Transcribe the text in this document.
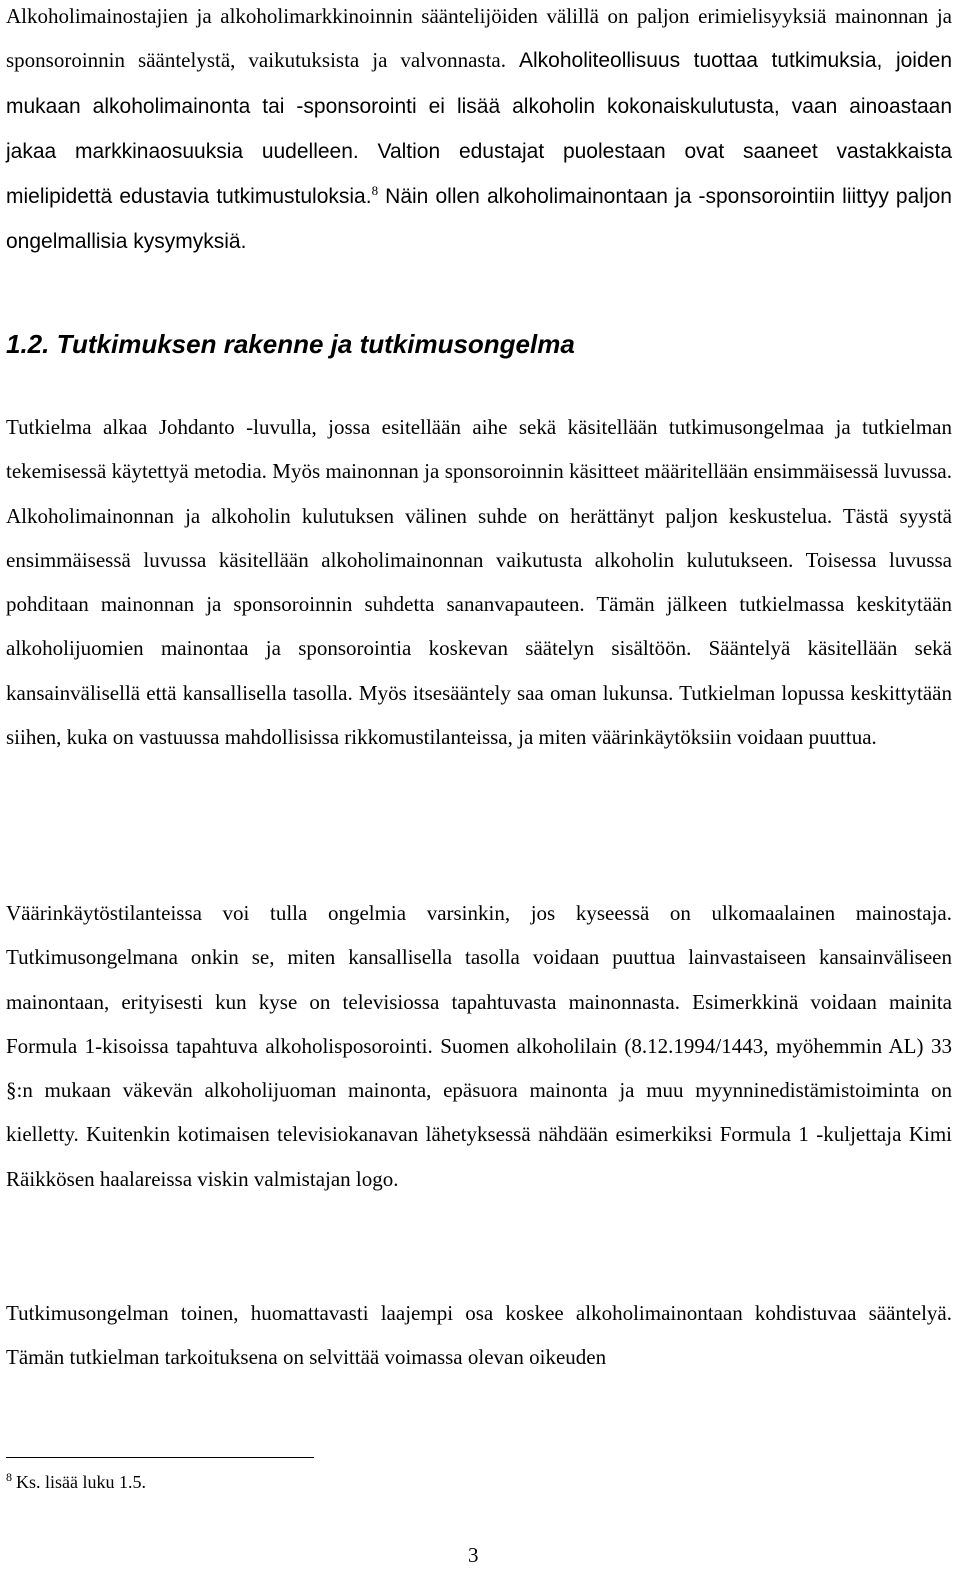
Alkoholimainostajien ja alkoholimarkkinoinnin sääntelijöiden välillä on paljon erimielisyyksiä mainonnan ja sponsoroinnin sääntelystä, vaikutuksista ja valvonnasta. Alkoholiteollisuus tuottaa tutkimuksia, joiden mukaan alkoholimainonta tai -sponsorointi ei lisää alkoholin kokonaiskulutusta, vaan ainoastaan jakaa markkinaosuuksia uudelleen. Valtion edustajat puolestaan ovat saaneet vastakkaista mielipidettä edustavia tutkimustuloksia.$^8$ Näin ollen alkoholimainontaan ja -sponsorointiin liittyy paljon ongelmallisia kysymyksiä.

1.2. Tutkimuksen rakenne ja tutkimusongelma

Tutkielma alkaa Johdanto -luvulla, jossa esitellään aihe sekä käsitellään tutkimusongelmaa ja tutkielman tekemisessä käytettyä metodia. Myös mainonnan ja sponsoroinnin käsitteet määritellään ensimmäisessä luvussa. Alkoholimainonnan ja alkoholin kulutuksen välinen suhde on herättänyt paljon keskustelua. Tästä syystä ensimmäisessä luvussa käsitellään alkoholimainonnan vaikutusta alkoholin kulutukseen. Toisessa luvussa pohditaan mainonnan ja sponsoroinnin suhdetta sananvapauteen. Tämän jälkeen tutkielmassa keskitytään alkoholijuomien mainontaa ja sponsorointia koskevan säätelyn sisältöön. Sääntelyä käsitellään sekä kansainvälisellä että kansallisella tasolla. Myös itsesääntely saa oman lukunsa. Tutkielman lopussa keskittytään siihen, kuka on vastuussa mahdollisissa rikkomustilanteissa, ja miten väärinkäytöksiin voidaan puuttua.

Väärinkäytöstilanteissa voi tulla ongelmia varsinkin, jos kyseessä on ulkomaalainen mainostaja. Tutkimusongelmana onkin se, miten kansallisella tasolla voidaan puuttua lainvastaiseen kansainväliseen mainontaan, erityisesti kun kyse on televisiossa tapahtuvasta mainonnasta. Esimerkkinä voidaan mainita Formula 1-kisoissa tapahtuva alkoholisposorointi. Suomen alkoholilain (8.12.1994/1443, myöhemmin AL) 33 §:n mukaan väkevän alkoholijuoman mainonta, epäsuora mainonta ja muu myynninedistämistoiminta on kielletty. Kuitenkin kotimaisen televisiokanavan lähetyksessä nähdään esimerkiksi Formula 1 -kuljettaja Kimi Räikkösen haalareissa viskin valmistajan logo.

Tutkimusongelman toinen, huomattavasti laajempi osa koskee alkoholimainontaan kohdistuvaa sääntelyä. Tämän tutkielman tarkoituksena on selvittää voimassa olevan oikeuden

$^8$ Ks. lisää luku 1.5.

3
